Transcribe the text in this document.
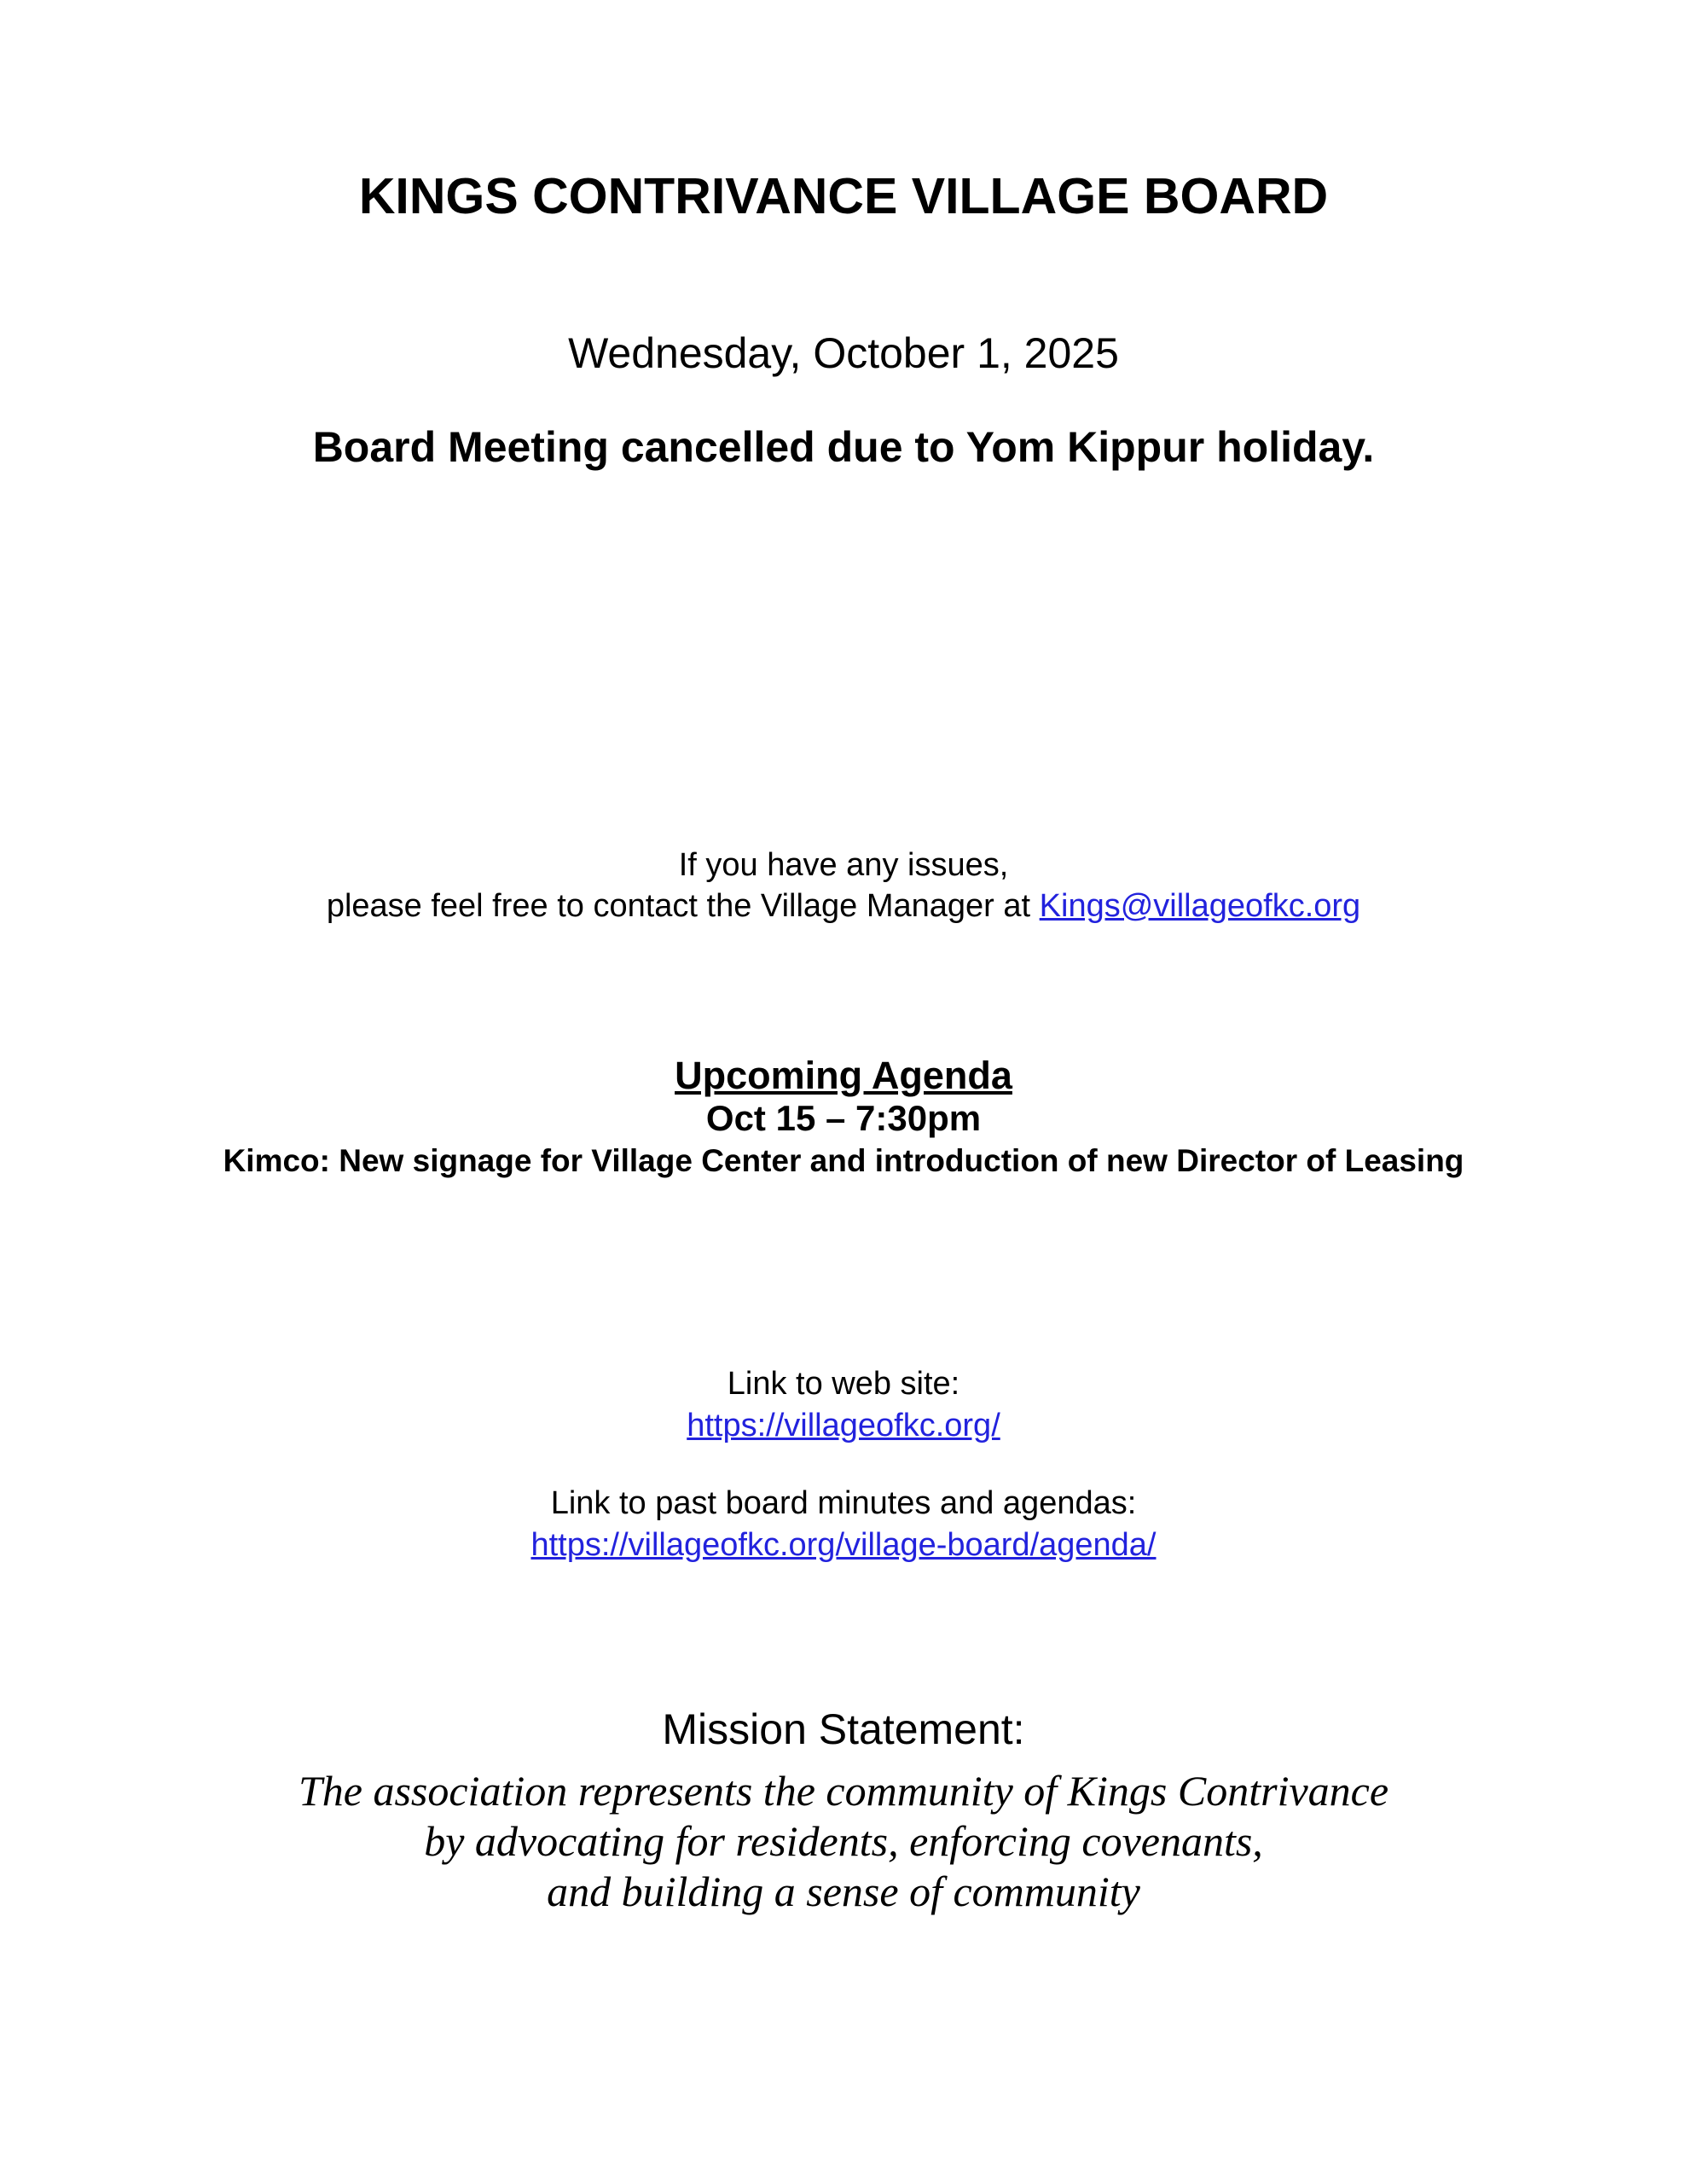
KINGS CONTRIVANCE VILLAGE BOARD
Wednesday, October 1, 2025
Board Meeting cancelled due to Yom Kippur holiday.
If you have any issues,
please feel free to contact the Village Manager at Kings@villageofkc.org
Upcoming Agenda
Oct 15 – 7:30pm
Kimco: New signage for Village Center and introduction of new Director of Leasing
Link to web site:
https://villageofkc.org/
Link to past board minutes and agendas:
https://villageofkc.org/village-board/agenda/
Mission Statement:
The association represents the community of Kings Contrivance
by advocating for residents, enforcing covenants,
and building a sense of community
